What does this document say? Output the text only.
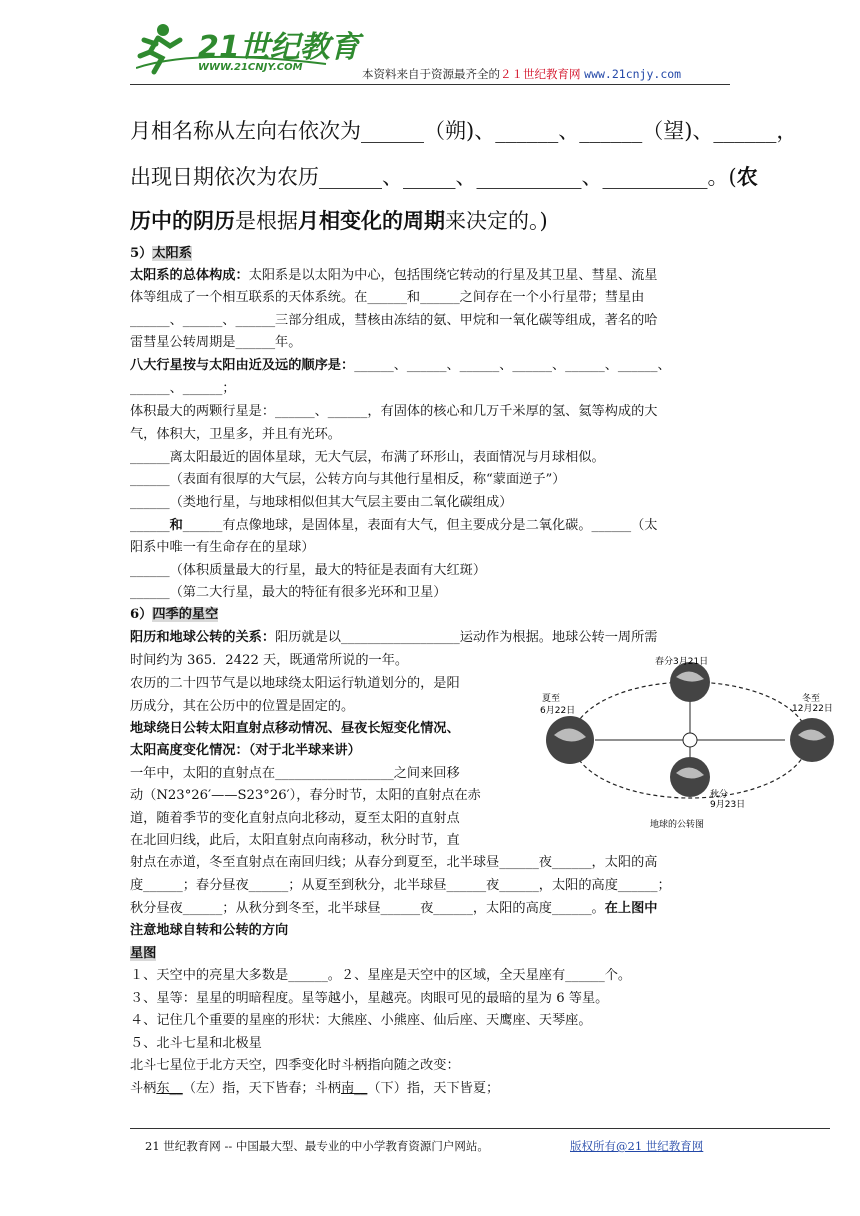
21世纪教育
WWW.21CNJY.COM	本资料来自于资源最齐全的２１世纪教育网 www.21cnjy.com
月相名称从左向右依次为______（朔)、______、______（望)、______，
出现日期依次为农历______、_____、__________、__________。(农
历中的阴历是根据月相变化的周期来决定的。)
5）太阳系
太阳系的总体构成：太阳系是以太阳为中心，包括围绕它转动的行星及其卫星、彗星、流星
体等组成了一个相互联系的天体系统。在______和______之间存在一个小行星带；彗星由
______、______、______三部分组成，彗核由冻结的氨、甲烷和一氧化碳等组成，著名的哈
雷彗星公转周期是______年。
八大行星按与太阳由近及远的顺序是：______、______、______、______、______、______、
______、______；
体积最大的两颗行星是：______、______，有固体的核心和几万千米厚的氢、氦等构成的大
气，体积大，卫星多，并且有光环。
______离太阳最近的固体星球，无大气层，布满了环形山，表面情况与月球相似。
______（表面有很厚的大气层，公转方向与其他行星相反，称“蒙面逆子”）
______（类地行星，与地球相似但其大气层主要由二氧化碳组成）
______和______有点像地球，是固体星，表面有大气，但主要成分是二氧化碳。______（太
阳系中唯一有生命存在的星球）
______（体积质量最大的行星，最大的特征是表面有大红斑）
______（第二大行星，最大的特征有很多光环和卫星）
6）四季的星空
阳历和地球公转的关系：阳历就是以__________________运动作为根据。地球公转一周所需
时间约为 365．2422 天，既通常所说的一年。
农历的二十四节气是以地球绕太阳运行轨道划分的，是阳
历成分，其在公历中的位置是固定的。
地球绕日公转太阳直射点移动情况、昼夜长短变化情况、
太阳高度变化情况：（对于北半球来讲）
一年中，太阳的直射点在__________________之间来回移
动（N23°26′——S23°26′），春分时节，太阳的直射点在赤
道，随着季节的变化直射点向北移动，夏至太阳的直射点
在北回归线，此后，太阳直射点向南移动，秋分时节，直
射点在赤道，冬至直射点在南回归线；从春分到夏至，北半球昼______夜______，太阳的高
度______；春分昼夜______；从夏至到秋分，北半球昼______夜______，太阳的高度______；
秋分昼夜______；从秋分到冬至，北半球昼______夜______，太阳的高度______。在上图中
注意地球自转和公转的方向
春分3月21日
夏至
6月22日
冬至
12月22日
秋分
9月23日
地球的公转图
星图
１、天空中的亮星大多数是______。２、星座是天空中的区域，全天星座有______个。
３、星等：星星的明暗程度。星等越小，星越亮。肉眼可见的最暗的星为 6 等星。
４、记住几个重要的星座的形状：大熊座、小熊座、仙后座、天鹰座、天琴座。
５、北斗七星和北极星
北斗七星位于北方天空，四季变化时斗柄指向随之改变：
斗柄东__（左）指，天下皆春；斗柄南__（下）指，天下皆夏；
21 世纪教育网 -- 中国最大型、最专业的中小学教育资源门户网站。	版权所有@21 世纪教育网
